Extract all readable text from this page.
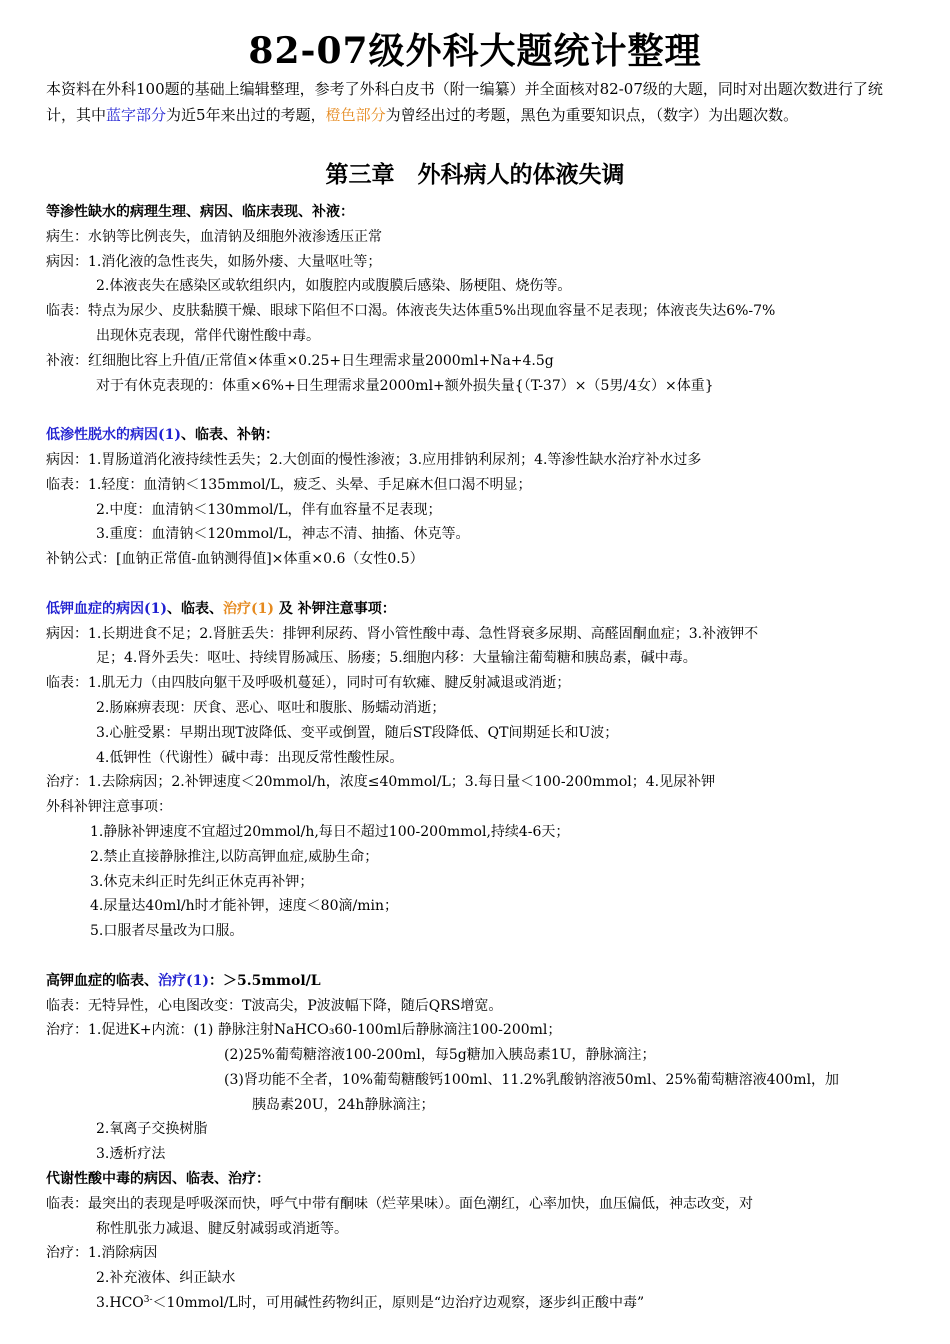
82-07级外科大题统计整理
本资料在外科100题的基础上编辑整理，参考了外科白皮书（附一编纂）并全面核对82-07级的大题，同时对出题次数进行了统计，其中蓝字部分为近5年来出过的考题，橙色部分为曾经出过的考题，黑色为重要知识点，（数字）为出题次数。
第三章　外科病人的体液失调
等渗性缺水的病理生理、病因、临床表现、补液：
病生：水钠等比例丧失，血清钠及细胞外液渗透压正常
病因：1.消化液的急性丧失，如肠外瘘、大量呕吐等；
2.体液丧失在感染区或软组织内，如腹腔内或腹膜后感染、肠梗阻、烧伤等。
临表：特点为尿少、皮肤黏膜干燥、眼球下陷但不口渴。体液丧失达体重5%出现血容量不足表现；体液丧失达6%-7%
出现休克表现，常伴代谢性酸中毒。
补液：红细胞比容上升值/正常值×体重×0.25+日生理需求量2000ml+Na+4.5g
对于有休克表现的：体重×6%+日生理需求量2000ml+额外损失量{（T-37）×（5男/4女）×体重}
低渗性脱水的病因(1)、临表、补钠：
病因：1.胃肠道消化液持续性丢失；2.大创面的慢性渗液；3.应用排钠利尿剂；4.等渗性缺水治疗补水过多
临表：1.轻度：血清钠＜135mmol/L，疲乏、头晕、手足麻木但口渴不明显；
2.中度：血清钠＜130mmol/L，伴有血容量不足表现；
3.重度：血清钠＜120mmol/L，神志不清、抽搐、休克等。
补钠公式：[血钠正常值-血钠测得值]×体重×0.6（女性0.5）
低钾血症的病因(1)、临表、治疗(1) 及 补钾注意事项：
病因：1.长期进食不足；2.肾脏丢失：排钾利尿药、肾小管性酸中毒、急性肾衰多尿期、高醛固酮血症；3.补液钾不
足；4.肾外丢失：呕吐、持续胃肠减压、肠瘘；5.细胞内移：大量输注葡萄糖和胰岛素，碱中毒。
临表：1.肌无力（由四肢向躯干及呼吸机蔓延），同时可有软瘫、腱反射减退或消逝；
2.肠麻痹表现：厌食、恶心、呕吐和腹胀、肠蠕动消逝；
3.心脏受累：早期出现T波降低、变平或倒置，随后ST段降低、QT间期延长和U波；
4.低钾性（代谢性）碱中毒：出现反常性酸性尿。
治疗：1.去除病因；2.补钾速度＜20mmol/h，浓度≤40mmol/L；3.每日量＜100-200mmol；4.见尿补钾
外科补钾注意事项：
1.静脉补钾速度不宜超过20mmol/h,每日不超过100-200mmol,持续4-6天；
2.禁止直接静脉推注,以防高钾血症,威胁生命；
3.休克未纠正时先纠正休克再补钾；
4.尿量达40ml/h时才能补钾，速度＜80滴/min；
5.口服者尽量改为口服。
高钾血症的临表、治疗(1)：＞5.5mmol/L
临表：无特异性，心电图改变：T波高尖，P波波幅下降，随后QRS增宽。
治疗：1.促进K+内流：(1) 静脉注射NaHCO₃60-100ml后静脉滴注100-200ml；
(2)25%葡萄糖溶液100-200ml，每5g糖加入胰岛素1U，静脉滴注；
(3)肾功能不全者，10%葡萄糖酸钙100ml、11.2%乳酸钠溶液50ml、25%葡萄糖溶液400ml，加
胰岛素20U，24h静脉滴注；
2.氧离子交换树脂
3.透析疗法
代谢性酸中毒的病因、临表、治疗：
临表：最突出的表现是呼吸深而快，呼气中带有酮味（烂苹果味）。面色潮红，心率加快，血压偏低，神志改变，对
称性肌张力减退、腱反射减弱或消逝等。
治疗：1.消除病因
2.补充液体、纠正缺水
$3.HCO^{3-}<10mmol/L$时，可用碱性药物纠正，原则是“边治疗边观察，逐步纠正酸中毒”
